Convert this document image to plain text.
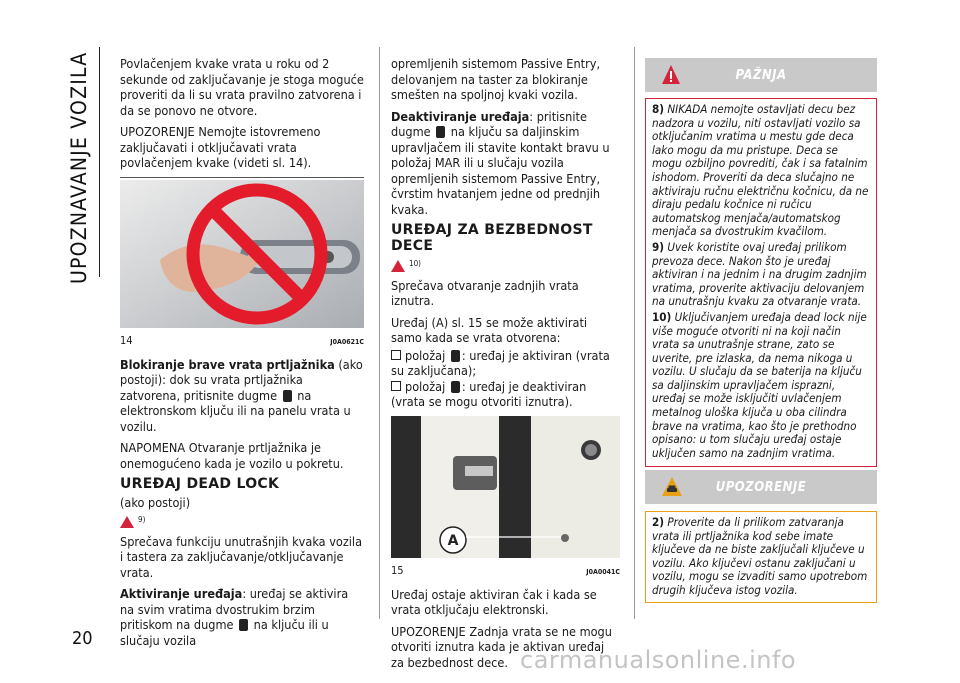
UPOZNAVANJE VOZILA
20

Povlačenjem kvake vrata u roku od 2 sekunde od zaključavanje je stoga moguće proveriti da li su vrata pravilno zatvorena i da se ponovo ne otvore.

UPOZORENJE Nemojte istovremeno zaključavati i otključavati vrata povlačenjem kvake (videti sl. 14).

14	J0A0621C

Blokiranje brave vrata prtljažnika (ako postoji): dok su vrata prtljažnika zatvorena, pritisnite dugme  na elektronskom ključu ili na panelu vrata u vozilu.

NAPOMENA Otvaranje prtljažnika je onemogućeno kada je vozilo u pokretu.

UREĐAJ DEAD LOCK

(ako postoji)

$^{9)}$

Sprečava funkciju unutrašnjih kvaka vozila i tastera za zaključavanje/otključavanje vrata.

Aktiviranje uređaja: uređaj se aktivira na svim vratima dvostrukim brzim pritiskom na dugme  na ključu ili u slučaju vozila

opremljenih sistemom Passive Entry, delovanjem na taster za blokiranje smešten na spoljnoj kvaki vozila.

Deaktiviranje uređaja: pritisnite dugme  na ključu sa daljinskim upravljačem ili stavite kontakt bravu u položaj MAR ili u slučaju vozila opremljenih sistemom Passive Entry, čvrstim hvatanjem jedne od prednjih kvaka.

UREĐAJ ZA BEZBEDNOST DECE
$^{10)}$

Sprečava otvaranje zadnjih vrata iznutra.

Uređaj (A) sl. 15 se može aktivirati samo kada se vrata otvorena:

položaj : uređaj je aktiviran (vrata su zaključana);
položaj : uređaj je deaktiviran (vrata se mogu otvoriti iznutra).
A
15	J0A0041C

Uređaj ostaje aktiviran čak i kada se vrata otključaju elektronski.

UPOZORENJE Zadnja vrata se ne mogu otvoriti iznutra kada je aktivan uređaj za bezbednost dece.

PAŽNJA

8) NIKADA nemojte ostavljati decu bez nadzora u vozilu, niti ostavljati vozilo sa otključanim vratima u mestu gde deca lako mogu da mu pristupe. Deca se mogu ozbiljno povrediti, čak i sa fatalnim ishodom. Proveriti da deca slučajno ne aktiviraju ručnu električnu kočnicu, da ne diraju pedalu kočnice ni ručicu automatskog menjača/automatskog menjača sa dvostrukim kvačilom.

9) Uvek koristite ovaj uređaj prilikom prevoza dece. Nakon što je uređaj aktiviran i na jednim i na drugim zadnjim vratima, proverite aktivaciju delovanjem na unutrašnju kvaku za otvaranje vrata.

10) Uključivanjem uređaja dead lock nije više moguće otvoriti ni na koji način vrata sa unutrašnje strane, zato se uverite, pre izlaska, da nema nikoga u vozilu. U slučaju da se baterija na ključu sa daljinskim upravljačem isprazni, uređaj se može isključiti uvlačenjem metalnog uloška ključa u oba cilindra brave na vratima, kao što je prethodno opisano: u tom slučaju uređaj ostaje uključen samo na zadnjim vratima.

UPOZORENJE

2) Proverite da li prilikom zatvaranja vrata ili prtljažnika kod sebe imate ključeve da ne biste zaključali ključeve u vozilu. Ako ključevi ostanu zaključani u vozilu, mogu se izvaditi samo upotrebom drugih ključeva istog vozila.

carmanualsonline.info
